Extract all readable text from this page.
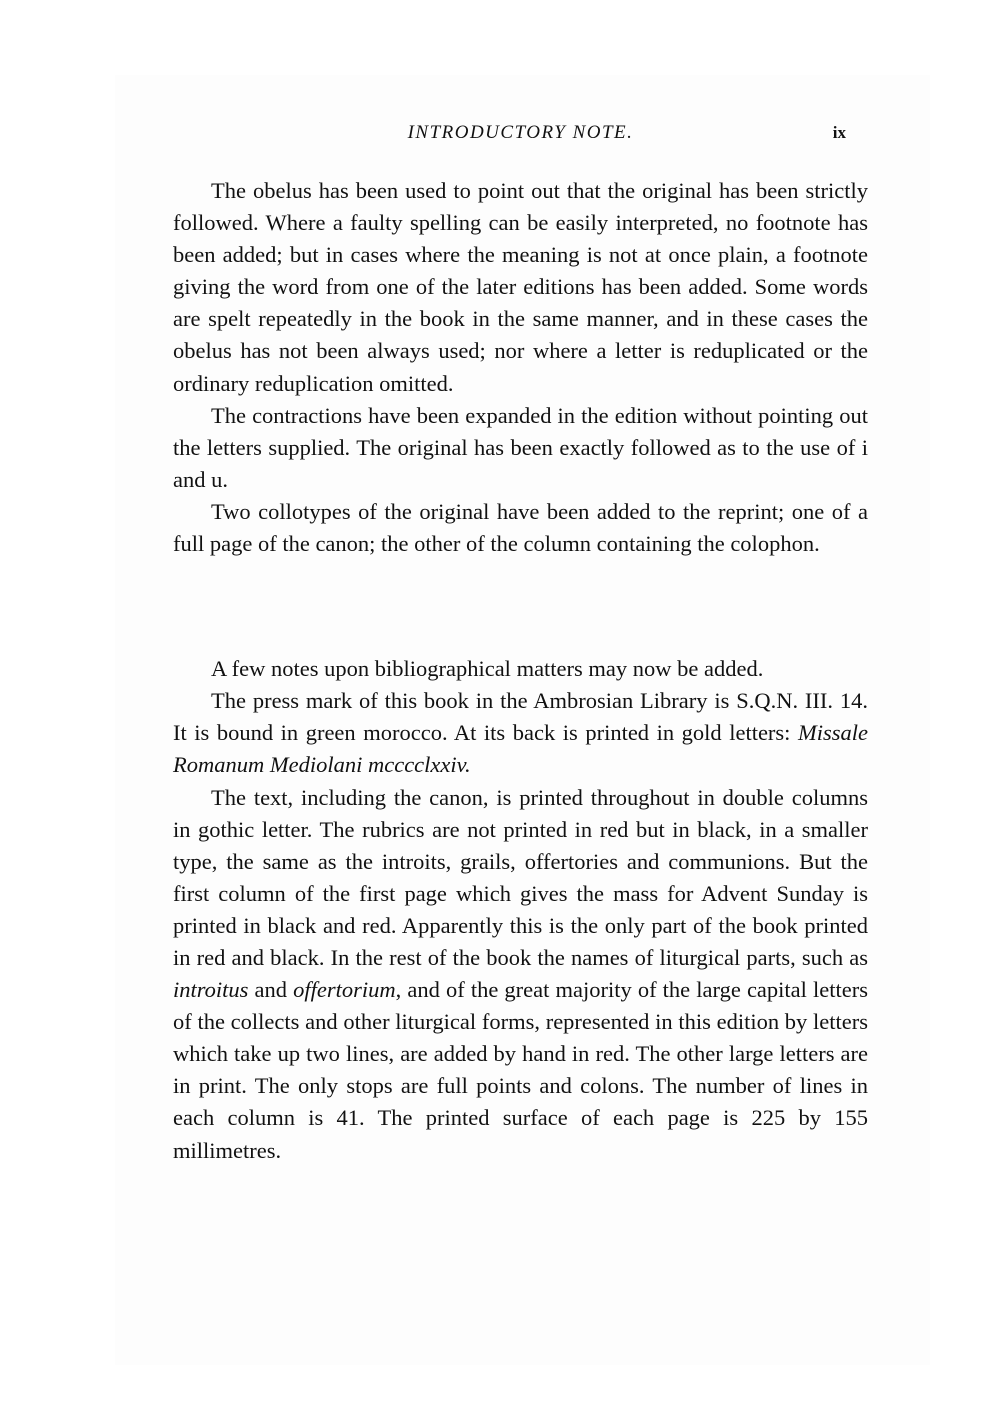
INTRODUCTORY NOTE.	ix

The obelus has been used to point out that the original has been strictly followed. Where a faulty spelling can be easily interpreted, no footnote has been added; but in cases where the meaning is not at once plain, a footnote giving the word from one of the later editions has been added. Some words are spelt repeatedly in the book in the same manner, and in these cases the obelus has not been always used; nor where a letter is reduplicated or the ordinary reduplication omitted.

The contractions have been expanded in the edition without pointing out the letters supplied. The original has been exactly followed as to the use of i and u.

Two collotypes of the original have been added to the reprint; one of a full page of the canon; the other of the column containing the colophon.

A few notes upon bibliographical matters may now be added.

The press mark of this book in the Ambrosian Library is S.Q.N. III. 14. It is bound in green morocco. At its back is printed in gold letters: Missale Romanum Mediolani mcccclxxiv.

The text, including the canon, is printed throughout in double columns in gothic letter. The rubrics are not printed in red but in black, in a smaller type, the same as the introits, grails, offertories and communions. But the first column of the first page which gives the mass for Advent Sunday is printed in black and red. Apparently this is the only part of the book printed in red and black. In the rest of the book the names of liturgical parts, such as introitus and offertorium, and of the great majority of the large capital letters of the collects and other liturgical forms, represented in this edition by letters which take up two lines, are added by hand in red. The other large letters are in print. The only stops are full points and colons. The number of lines in each column is 41. The printed surface of each page is 225 by 155 millimetres.
